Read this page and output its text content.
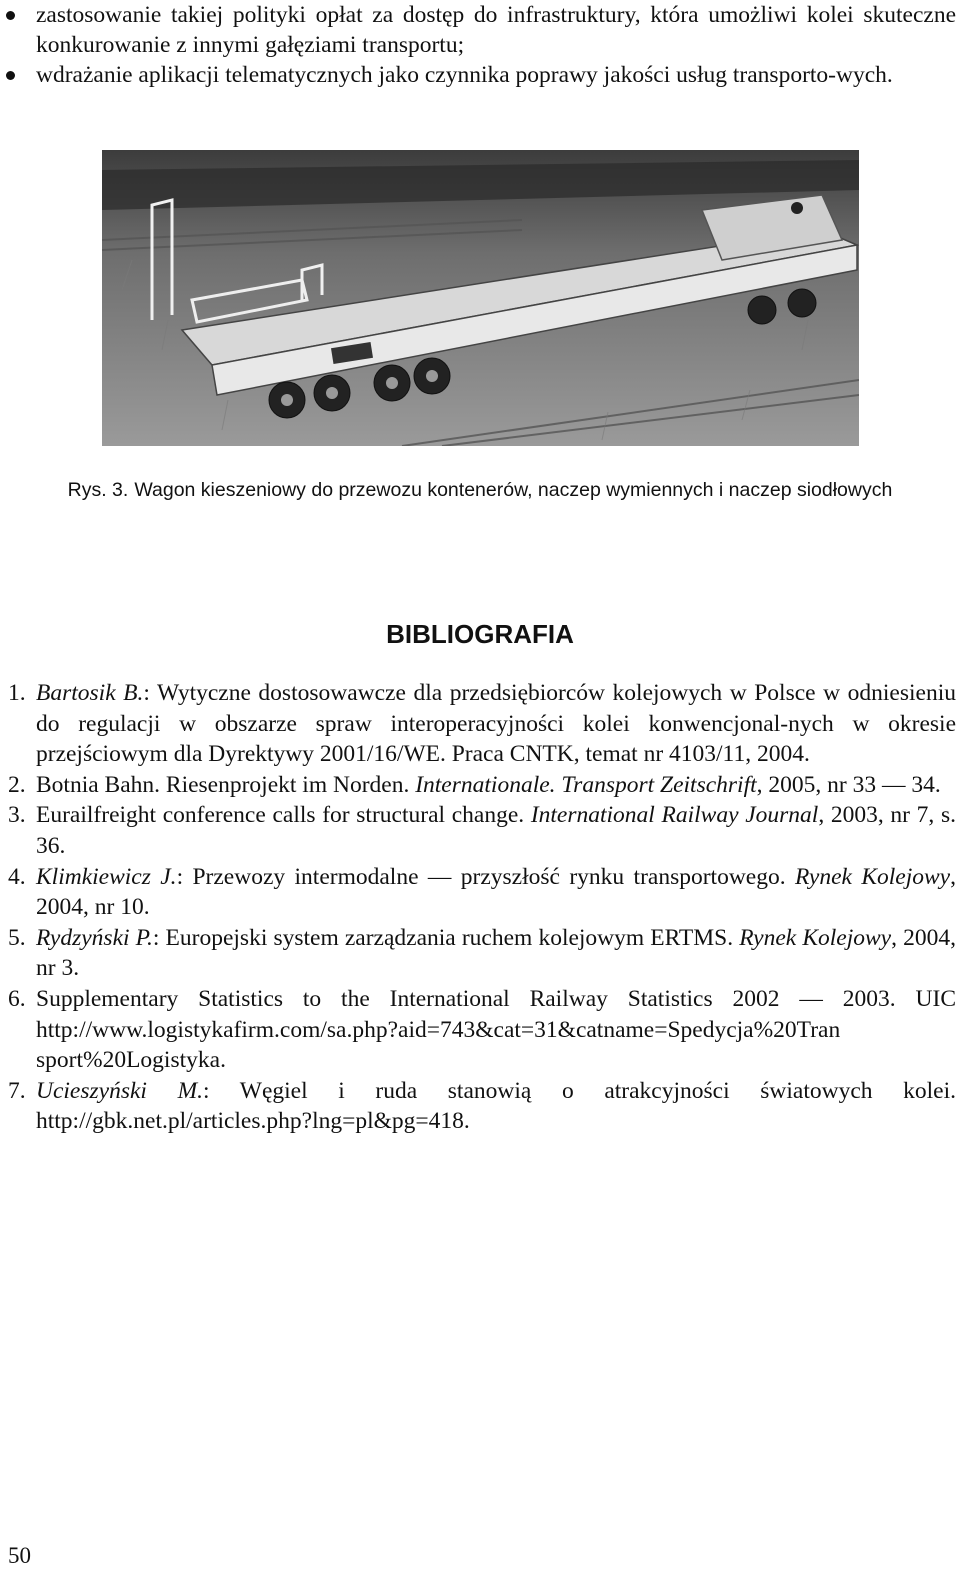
zastosowanie takiej polityki opłat za dostęp do infrastruktury, która umożliwi kolei skuteczne konkurowanie z innymi gałęziami transportu;

wdrażanie aplikacji telematycznych jako czynnika poprawy jakości usług transporto-wych.

Rys. 3. Wagon kieszeniowy do przewozu kontenerów, naczep wymiennych i naczep siodłowych
BIBLIOGRAFIA

1. Bartosik B.: Wytyczne dostosowawcze dla przedsiębiorców kolejowych w Polsce w odniesieniu do regulacji w obszarze spraw interoperacyjności kolei konwencjonal-nych w okresie przejściowym dla Dyrektywy 2001/16/WE. Praca CNTK, temat nr 4103/11, 2004.

2. Botnia Bahn. Riesenprojekt im Norden. Internationale. Transport Zeitschrift, 2005, nr 33 — 34.

3. Eurailfreight conference calls for structural change. International Railway Journal, 2003, nr 7, s. 36.

4. Klimkiewicz J.: Przewozy intermodalne — przyszłość rynku transportowego. Rynek Kolejowy, 2004, nr 10.

5. Rydzyński P.: Europejski system zarządzania ruchem kolejowym ERTMS. Rynek Kolejowy, 2004, nr 3.

6. Supplementary Statistics to the International Railway Statistics 2002 — 2003. UIC http://www.logistykafirm.com/sa.php?aid=743&cat=31&catname=Spedycja%20Tran sport%20Logistyka.

7. Ucieszyński M.: Węgiel i ruda stanowią o atrakcyjności światowych kolei. http://gbk.net.pl/articles.php?lng=pl&pg=418.

50
